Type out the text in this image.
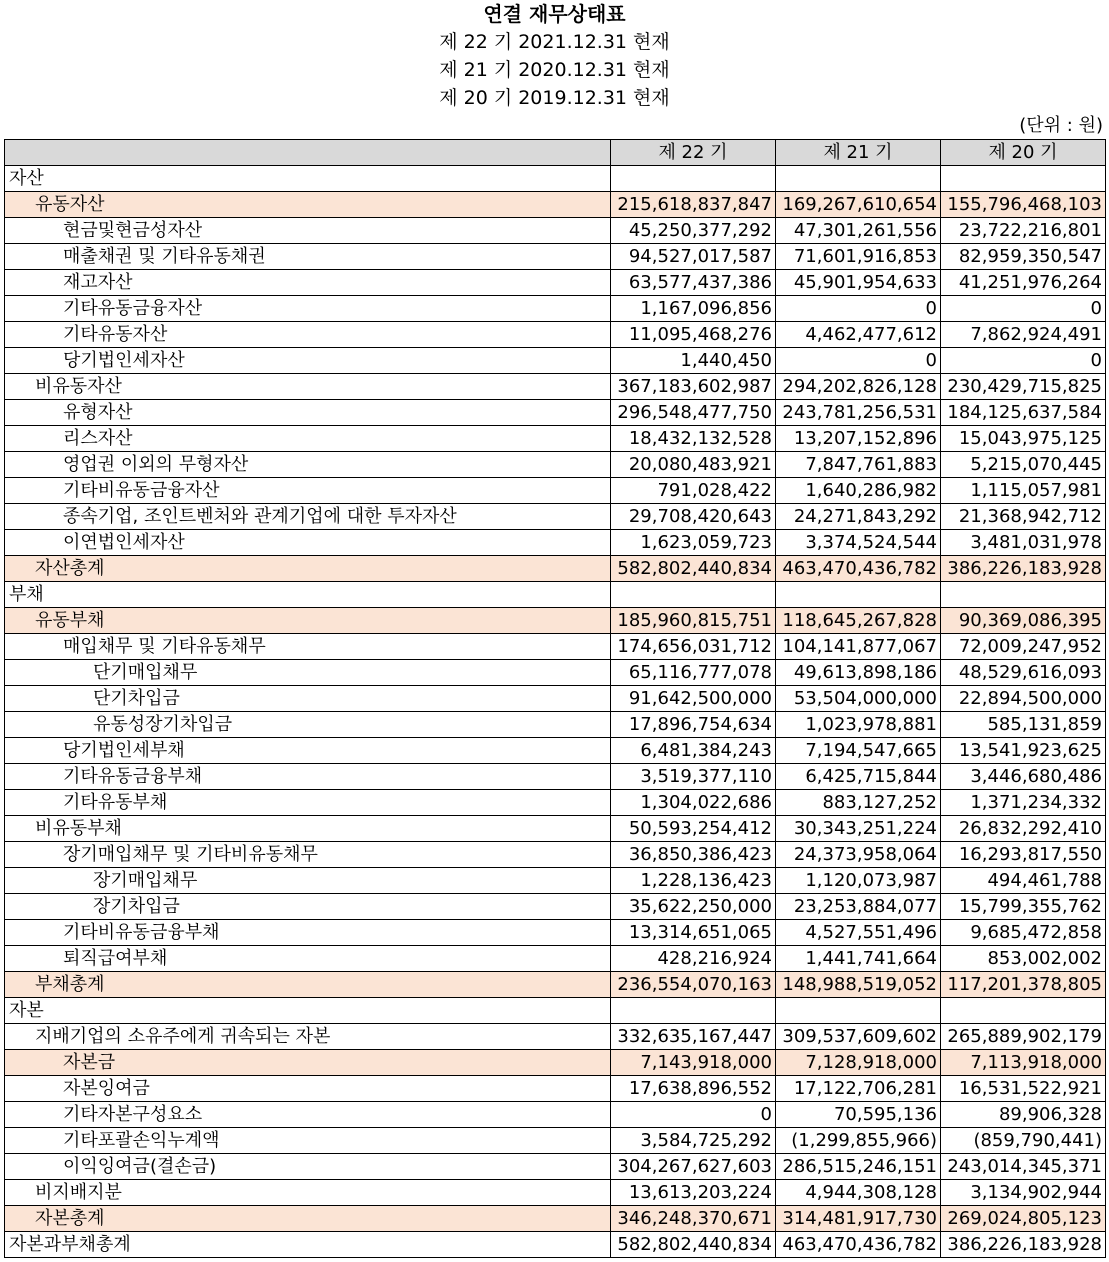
연결 재무상태표
제 22 기 2021.12.31 현재
제 21 기 2020.12.31 현재
제 20 기 2019.12.31 현재
(단위 : 원)
	제 22 기	제 21 기	제 20 기
자산			
유동자산	215,618,837,847	169,267,610,654	155,796,468,103
현금및현금성자산	45,250,377,292	47,301,261,556	23,722,216,801
매출채권 및 기타유동채권	94,527,017,587	71,601,916,853	82,959,350,547
재고자산	63,577,437,386	45,901,954,633	41,251,976,264
기타유동금융자산	1,167,096,856	0	0
기타유동자산	11,095,468,276	4,462,477,612	7,862,924,491
당기법인세자산	1,440,450	0	0
비유동자산	367,183,602,987	294,202,826,128	230,429,715,825
유형자산	296,548,477,750	243,781,256,531	184,125,637,584
리스자산	18,432,132,528	13,207,152,896	15,043,975,125
영업권 이외의 무형자산	20,080,483,921	7,847,761,883	5,215,070,445
기타비유동금융자산	791,028,422	1,640,286,982	1,115,057,981
종속기업, 조인트벤처와 관계기업에 대한 투자자산	29,708,420,643	24,271,843,292	21,368,942,712
이연법인세자산	1,623,059,723	3,374,524,544	3,481,031,978
자산총계	582,802,440,834	463,470,436,782	386,226,183,928
부채			
유동부채	185,960,815,751	118,645,267,828	90,369,086,395
매입채무 및 기타유동채무	174,656,031,712	104,141,877,067	72,009,247,952
단기매입채무	65,116,777,078	49,613,898,186	48,529,616,093
단기차입금	91,642,500,000	53,504,000,000	22,894,500,000
유동성장기차입금	17,896,754,634	1,023,978,881	585,131,859
당기법인세부채	6,481,384,243	7,194,547,665	13,541,923,625
기타유동금융부채	3,519,377,110	6,425,715,844	3,446,680,486
기타유동부채	1,304,022,686	883,127,252	1,371,234,332
비유동부채	50,593,254,412	30,343,251,224	26,832,292,410
장기매입채무 및 기타비유동채무	36,850,386,423	24,373,958,064	16,293,817,550
장기매입채무	1,228,136,423	1,120,073,987	494,461,788
장기차입금	35,622,250,000	23,253,884,077	15,799,355,762
기타비유동금융부채	13,314,651,065	4,527,551,496	9,685,472,858
퇴직급여부채	428,216,924	1,441,741,664	853,002,002
부채총계	236,554,070,163	148,988,519,052	117,201,378,805
자본			
지배기업의 소유주에게 귀속되는 자본	332,635,167,447	309,537,609,602	265,889,902,179
자본금	7,143,918,000	7,128,918,000	7,113,918,000
자본잉여금	17,638,896,552	17,122,706,281	16,531,522,921
기타자본구성요소	0	70,595,136	89,906,328
기타포괄손익누계액	3,584,725,292	(1,299,855,966)	(859,790,441)
이익잉여금(결손금)	304,267,627,603	286,515,246,151	243,014,345,371
비지배지분	13,613,203,224	4,944,308,128	3,134,902,944
자본총계	346,248,370,671	314,481,917,730	269,024,805,123
자본과부채총계	582,802,440,834	463,470,436,782	386,226,183,928
